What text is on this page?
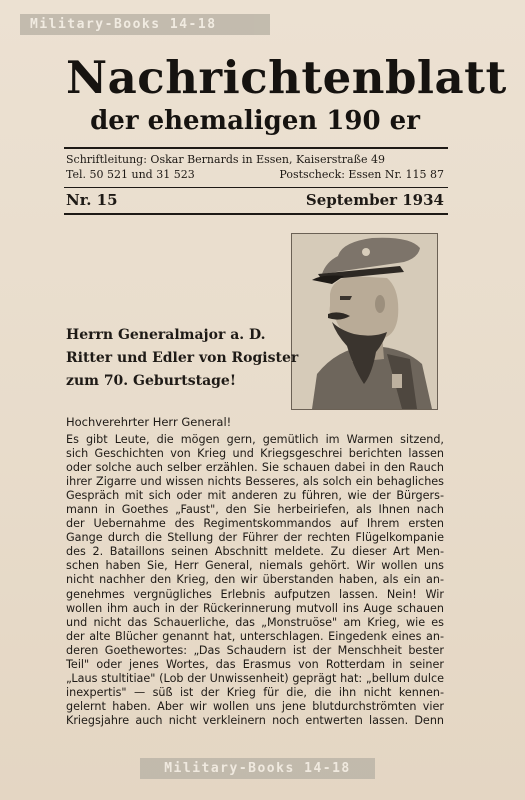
Military-Books 14-18
Nachrichtenblatt
der ehemaligen 190 er
Schriftleitung: Oskar Bernards in Essen, Kaiserstraße 49
Tel. 50 521 und 31 523	Postscheck: Essen Nr. 115 87
Nr. 15	September 1934
Herrn Generalmajor a. D.
Ritter und Edler von Rogister
zum 70. Geburtstage!
Hochverehrter Herr General!
Es gibt Leute, die mögen gern, gemütlich im Warmen sitzend,
sich Geschichten von Krieg und Kriegsgeschrei berichten lassen
oder solche auch selber erzählen. Sie schauen dabei in den Rauch
ihrer Zigarre und wissen nichts Besseres, als solch ein behagliches
Gespräch mit sich oder mit anderen zu führen, wie der Bürgers-
mann in Goethes „Faust", den Sie herbeiriefen, als Ihnen nach
der Uebernahme des Regimentskommandos auf Ihrem ersten
Gange durch die Stellung der Führer der rechten Flügelkompanie
des 2. Bataillons seinen Abschnitt meldete. Zu dieser Art Men-
schen haben Sie, Herr General, niemals gehört. Wir wollen uns
nicht nachher den Krieg, den wir überstanden haben, als ein an-
genehmes vergnügliches Erlebnis aufputzen lassen. Nein! Wir
wollen ihm auch in der Rückerinnerung mutvoll ins Auge schauen
und nicht das Schauerliche, das „Monstruöse" am Krieg, wie es
der alte Blücher genannt hat, unterschlagen. Eingedenk eines an-
deren Goethewortes: „Das Schaudern ist der Menschheit bester
Teil" oder jenes Wortes, das Erasmus von Rotterdam in seiner
„Laus stultitiae" (Lob der Unwissenheit) geprägt hat: „bellum dulce
inexpertis" — süß ist der Krieg für die, die ihn nicht kennen-
gelernt haben. Aber wir wollen uns jene blutdurchströmten vier
Kriegsjahre auch nicht verkleinern noch entwerten lassen. Denn
Military-Books 14-18
